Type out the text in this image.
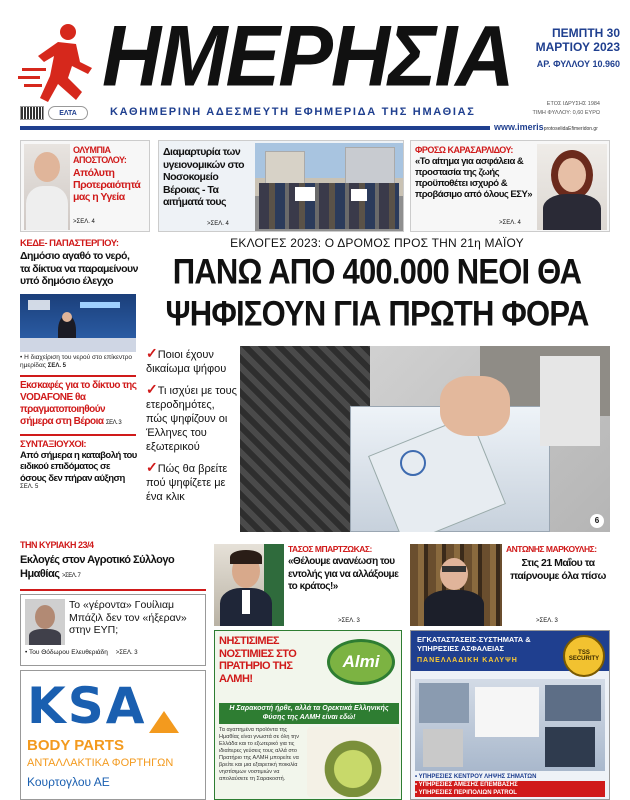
ΗΜΕΡΗΣΙΑ	ΠΕΜΠΤΗ 30
ΜΑΡΤΙΟΥ 2023
ΑΡ. ΦΥΛΛΟΥ 10.960
ΕΛΤΑ	ΚΑΘΗΜΕΡΙΝΗ ΑΔΕΣΜΕΥΤΗ ΕΦΗΜΕΡΙΔΑ ΤΗΣ ΗΜΑΘΙΑΣ
ΕΤΟΣ ΙΔΡΥΣΗΣ 1984
ΤΙΜΗ ΦΥΛΛΟΥ: 0,60 ΕΥΡΩ
www.imerisprotoselidaEfimeridon.gr
ΟΛΥΜΠΙΑ ΑΠΟΣΤΟΛΟΥ:
Απόλυτη Προτεραιότητά μας η Υγεία
>ΣΕΛ. 4
Διαμαρτυρία των υγειονομικών στο Νοσοκομείο Βέροιας - Τα αιτήματά τους
>ΣΕΛ. 4
ΦΡΟΣΩ ΚΑΡΑΣΑΡΛΙΔΟΥ:
«Το αίτημα για ασφάλεια & προστασία της ζωής προϋποθέτει ισχυρό & προβάσιμο από όλους ΕΣΥ»
>ΣΕΛ. 4
ΚΕΔΕ- ΠΑΠΑΣΤΕΡΓΙΟΥ:
Δημόσιο αγαθό το νερό, τα δίκτυα να παραμείνουν υπό δημόσιο έλεγχο
• Η διαχείριση του νερού στο επίκεντρο ημερίδας ΣΕΛ. 5
Εκσκαφές για το δίκτυο της VODAFONE θα πραγματοποιηθούν σήμερα στη Βέροια ΣΕΛ. 3
ΣΥΝΤΑΞΙΟΥΧΟΙ:
Από σήμερα η καταβολή του ειδικού επιδόματος σε όσους δεν πήραν αύξηση
ΣΕΛ. 5
ΕΚΛΟΓΕΣ 2023: Ο ΔΡΟΜΟΣ ΠΡΟΣ ΤΗΝ 21η ΜΑΪΟΥ
ΠΑΝΩ ΑΠΟ 400.000 ΝΕΟΙ ΘΑ
ΨΗΦΙΣΟΥΝ ΓΙΑ ΠΡΩΤΗ ΦΟΡΑ
✓Ποιοι έχουν δικαίωμα ψήφου
✓Τι ισχύει με τους ετεροδημότες, πώς ψηφίζουν οι Έλληνες του εξωτερικού
✓Πώς θα βρείτε πού ψηφίζετε με ένα κλικ
6
ΤΗΝ ΚΥΡΙΑΚΗ 23/4
Εκλογές στον Αγροτικό Σύλλογο Ημαθίας >ΣΕΛ. 7
ΤΑΣΟΣ ΜΠΑΡΤΖΩΚΑΣ:
«Θέλουμε ανανέωση του εντολής για να αλλάξουμε το κράτος!»
>ΣΕΛ. 3
ΑΝΤΩΝΗΣ ΜΑΡΚΟΥΛΗΣ:
Στις 21 Μαΐου τα παίρνουμε όλα πίσω
>ΣΕΛ. 3
Το «γέροντα» Γουίλιαμ Μπάζιλ δεν τον «ήξεραν» στην ΕΥΠ;
• Του Θόδωρου Ελευθεριάδη >ΣΕΛ. 3
KSA
BODY PARTS
ΑΝΤΑΛΛΑΚΤΙΚΑ ΦΟΡΤΗΓΩΝ
Κουρτογλου ΑΕ
ΝΗΣΤΙΣΙΜΕΣ ΝΟΣΤΙΜΙΕΣ ΣΤΟ ΠΡΑΤΗΡΙΟ ΤΗΣ ΑΛΜΗ!
Almi
Η Σαρακοστή ήρθε, αλλά τα Ορεκτικά Ελληνικής Φύσης της ΑΛΜΗ είναι εδώ!
Τα αγαπημένα προϊόντα της Ημαθίας είναι γνωστά σε όλη την Ελλάδα και το εξωτερικό για τις ιδιαίτερες γεύσεις τους αλλά στο Πρατήριο της ΑΛΜΗ μπορείτε να βρείτε και μια εξαιρετική ποικιλία νηστίσιμων νοστιμιών να απολαύσετε τη Σαρακοστή.
ΕΓΚΑΤΑΣΤΑΣΕΙΣ-ΣΥΣΤΗΜΑΤΑ & ΥΠΗΡΕΣΙΕΣ ΑΣΦΑΛΕΙΑΣ
ΠΑΝΕΛΛΑΔΙΚΗ ΚΑΛΥΨΗ
TSS SECURITY
• ΥΠΗΡΕΣΙΕΣ ΚΕΝΤΡΟΥ ΛΗΨΗΣ ΣΗΜΑΤΩΝ
• ΥΠΗΡΕΣΙΕΣ ΑΜΕΣΗΣ ΕΠΕΜΒΑΣΗΣ
• ΥΠΗΡΕΣΙΕΣ ΠΕΡΙΠΟΛΙΩΝ PATROL
